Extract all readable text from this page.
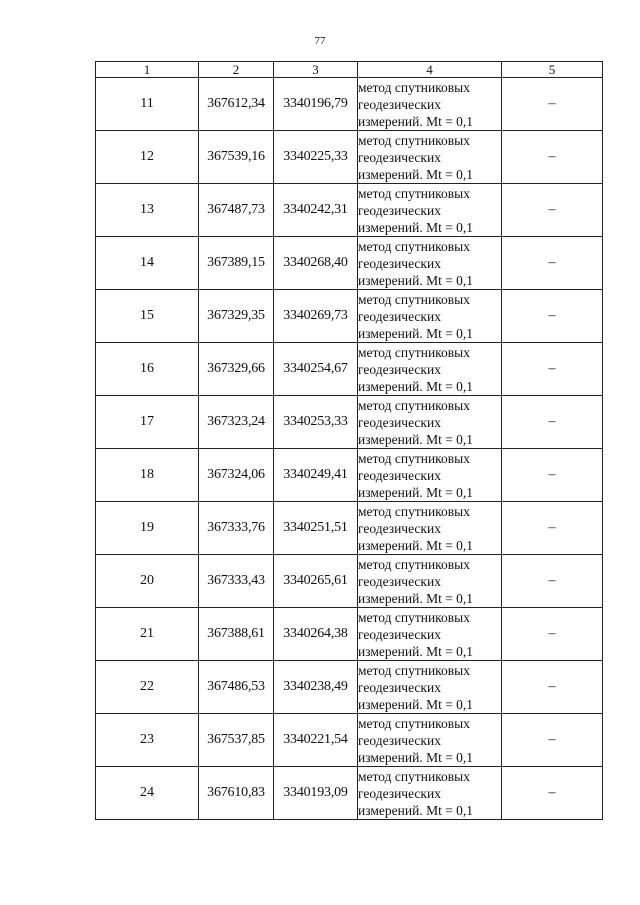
77
1	2	3	4	5
11	367612,34	3340196,79	метод спутниковых
геодезических
измерений. Mt = 0,1	–
12	367539,16	3340225,33	метод спутниковых
геодезических
измерений. Mt = 0,1	–
13	367487,73	3340242,31	метод спутниковых
геодезических
измерений. Mt = 0,1	–
14	367389,15	3340268,40	метод спутниковых
геодезических
измерений. Mt = 0,1	–
15	367329,35	3340269,73	метод спутниковых
геодезических
измерений. Mt = 0,1	–
16	367329,66	3340254,67	метод спутниковых
геодезических
измерений. Mt = 0,1	–
17	367323,24	3340253,33	метод спутниковых
геодезических
измерений. Mt = 0,1	–
18	367324,06	3340249,41	метод спутниковых
геодезических
измерений. Mt = 0,1	–
19	367333,76	3340251,51	метод спутниковых
геодезических
измерений. Mt = 0,1	–
20	367333,43	3340265,61	метод спутниковых
геодезических
измерений. Mt = 0,1	–
21	367388,61	3340264,38	метод спутниковых
геодезических
измерений. Mt = 0,1	–
22	367486,53	3340238,49	метод спутниковых
геодезических
измерений. Mt = 0,1	–
23	367537,85	3340221,54	метод спутниковых
геодезических
измерений. Mt = 0,1	–
24	367610,83	3340193,09	метод спутниковых
геодезических
измерений. Mt = 0,1	–
